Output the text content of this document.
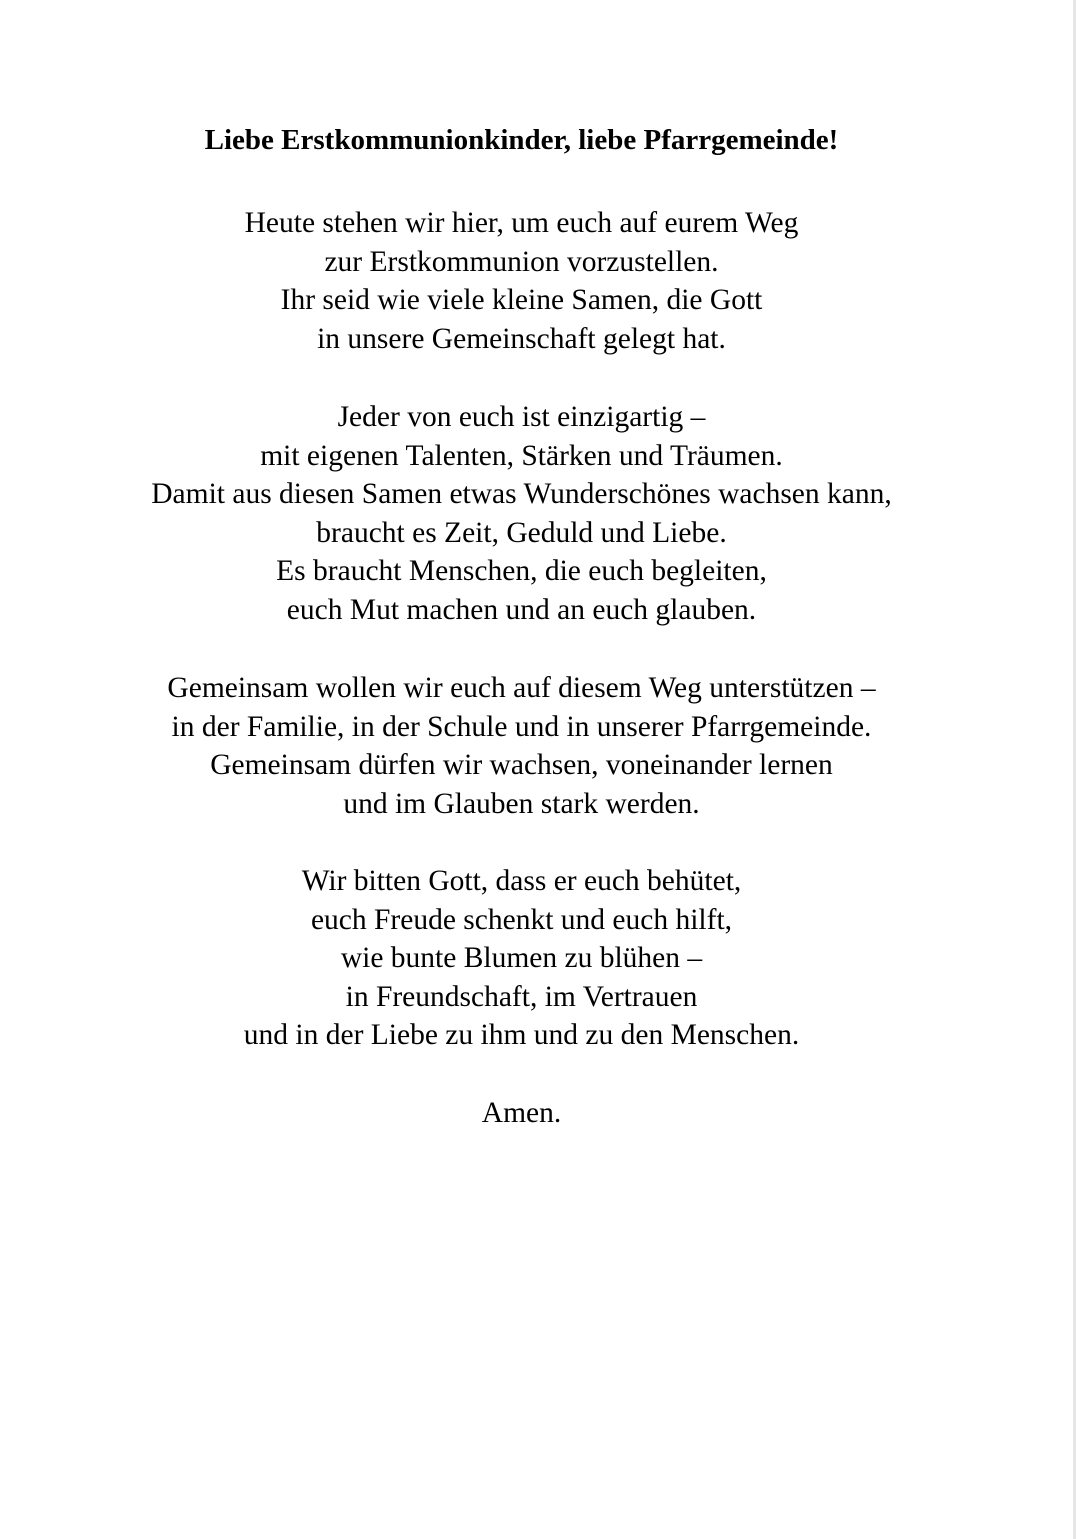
Liebe Erstkommunionkinder, liebe Pfarrgemeinde!

Heute stehen wir hier, um euch auf eurem Weg
zur Erstkommunion vorzustellen.
Ihr seid wie viele kleine Samen, die Gott
in unsere Gemeinschaft gelegt hat.

Jeder von euch ist einzigartig –
mit eigenen Talenten, Stärken und Träumen.
Damit aus diesen Samen etwas Wunderschönes wachsen kann,
braucht es Zeit, Geduld und Liebe.
Es braucht Menschen, die euch begleiten,
euch Mut machen und an euch glauben.

Gemeinsam wollen wir euch auf diesem Weg unterstützen –
in der Familie, in der Schule und in unserer Pfarrgemeinde.
Gemeinsam dürfen wir wachsen, voneinander lernen
und im Glauben stark werden.

Wir bitten Gott, dass er euch behütet,
euch Freude schenkt und euch hilft,
wie bunte Blumen zu blühen –
in Freundschaft, im Vertrauen
und in der Liebe zu ihm und zu den Menschen.

Amen.
